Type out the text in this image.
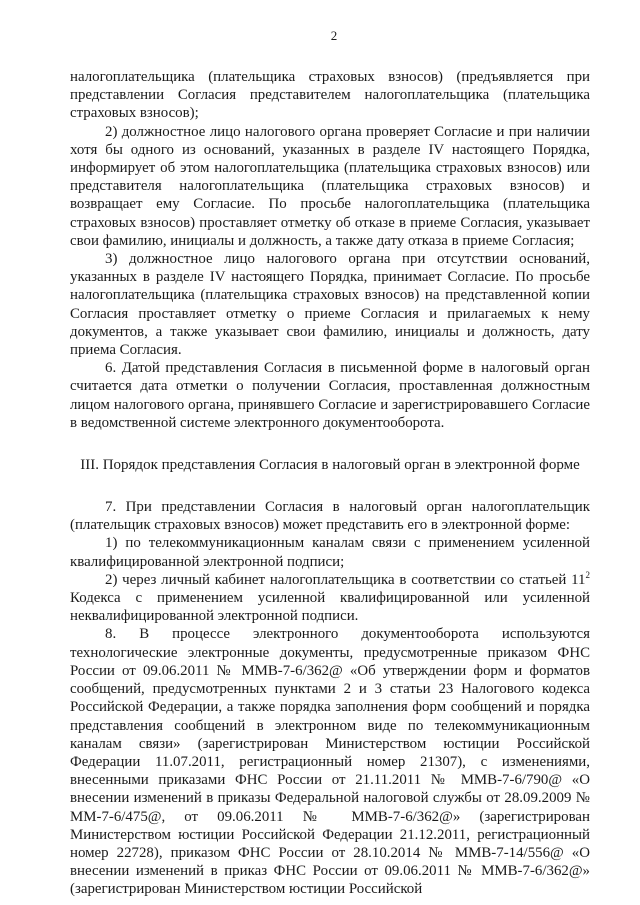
2

налогоплательщика (плательщика страховых взносов) (предъявляется при представлении Согласия представителем налогоплательщика (плательщика страховых взносов);

2) должностное лицо налогового органа проверяет Согласие и при наличии хотя бы одного из оснований, указанных в разделе IV настоящего Порядка, информирует об этом налогоплательщика (плательщика страховых взносов) или представителя налогоплательщика (плательщика страховых взносов) и возвращает ему Согласие. По просьбе налогоплательщика (плательщика страховых взносов) проставляет отметку об отказе в приеме Согласия, указывает свои фамилию, инициалы и должность, а также дату отказа в приеме Согласия;

3) должностное лицо налогового органа при отсутствии оснований, указанных в разделе IV настоящего Порядка, принимает Согласие. По просьбе налогоплательщика (плательщика страховых взносов) на представленной копии Согласия проставляет отметку о приеме Согласия и прилагаемых к нему документов, а также указывает свои фамилию, инициалы и должность, дату приема Согласия.

6. Датой представления Согласия в письменной форме в налоговый орган считается дата отметки о получении Согласия, проставленная должностным лицом налогового органа, принявшего Согласие и зарегистрировавшего Согласие в ведомственной системе электронного документооборота.

III. Порядок представления Согласия в налоговый орган в электронной форме

7. При представлении Согласия в налоговый орган налогоплательщик (плательщик страховых взносов) может представить его в электронной форме:

1) по телекоммуникационным каналам связи с применением усиленной квалифицированной электронной подписи;

2) через личный кабинет налогоплательщика в соответствии со статьей $11^2$ Кодекса с применением усиленной квалифицированной или усиленной неквалифицированной электронной подписи.

8. В процессе электронного документооборота используются технологические электронные документы, предусмотренные приказом ФНС России от 09.06.2011 № ММВ-7-6/362@ «Об утверждении форм и форматов сообщений, предусмотренных пунктами 2 и 3 статьи 23 Налогового кодекса Российской Федерации, а также порядка заполнения форм сообщений и порядка представления сообщений в электронном виде по телекоммуникационным каналам связи» (зарегистрирован Министерством юстиции Российской Федерации 11.07.2011, регистрационный номер 21307), с изменениями, внесенными приказами ФНС России от 21.11.2011 № ММВ-7-6/790@ «О внесении изменений в приказы Федеральной налоговой службы от 28.09.2009 № ММ-7-6/475@, от 09.06.2011 № ММВ-7-6/362@» (зарегистрирован Министерством юстиции Российской Федерации 21.12.2011, регистрационный номер 22728), приказом ФНС России от 28.10.2014 № ММВ-7-14/556@ «О внесении изменений в приказ ФНС России от 09.06.2011 № ММВ-7-6/362@» (зарегистрирован Министерством юстиции Российской
